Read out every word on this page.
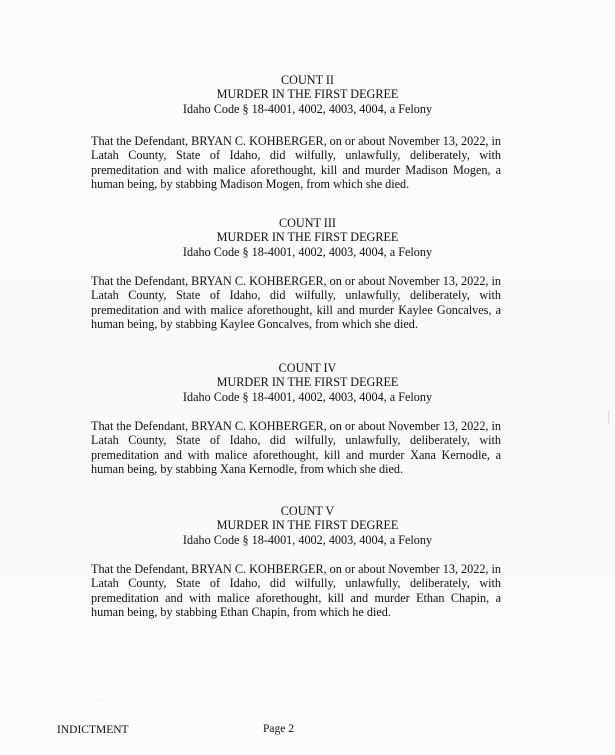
COUNT II
MURDER IN THE FIRST DEGREE
Idaho Code § 18-4001, 4002, 4003, 4004, a Felony
That the Defendant, BRYAN C. KOHBERGER, on or about November 13, 2022, in Latah County, State of Idaho, did wilfully, unlawfully, deliberately, with premeditation and with malice aforethought, kill and murder Madison Mogen, a human being, by stabbing Madison Mogen, from which she died.
COUNT III
MURDER IN THE FIRST DEGREE
Idaho Code § 18-4001, 4002, 4003, 4004, a Felony
That the Defendant, BRYAN C. KOHBERGER, on or about November 13, 2022, in Latah County, State of Idaho, did wilfully, unlawfully, deliberately, with premeditation and with malice aforethought, kill and murder Kaylee Goncalves, a human being, by stabbing Kaylee Goncalves, from which she died.
COUNT IV
MURDER IN THE FIRST DEGREE
Idaho Code § 18-4001, 4002, 4003, 4004, a Felony
That the Defendant, BRYAN C. KOHBERGER, on or about November 13, 2022, in Latah County, State of Idaho, did wilfully, unlawfully, deliberately, with premeditation and with malice aforethought, kill and murder Xana Kernodle, a human being, by stabbing Xana Kernodle, from which she died.
COUNT V
MURDER IN THE FIRST DEGREE
Idaho Code § 18-4001, 4002, 4003, 4004, a Felony
That the Defendant, BRYAN C. KOHBERGER, on or about November 13, 2022, in Latah County, State of Idaho, did wilfully, unlawfully, deliberately, with premeditation and with malice aforethought, kill and murder Ethan Chapin, a human being, by stabbing Ethan Chapin, from which he died.
INDICTMENT	Page 2
